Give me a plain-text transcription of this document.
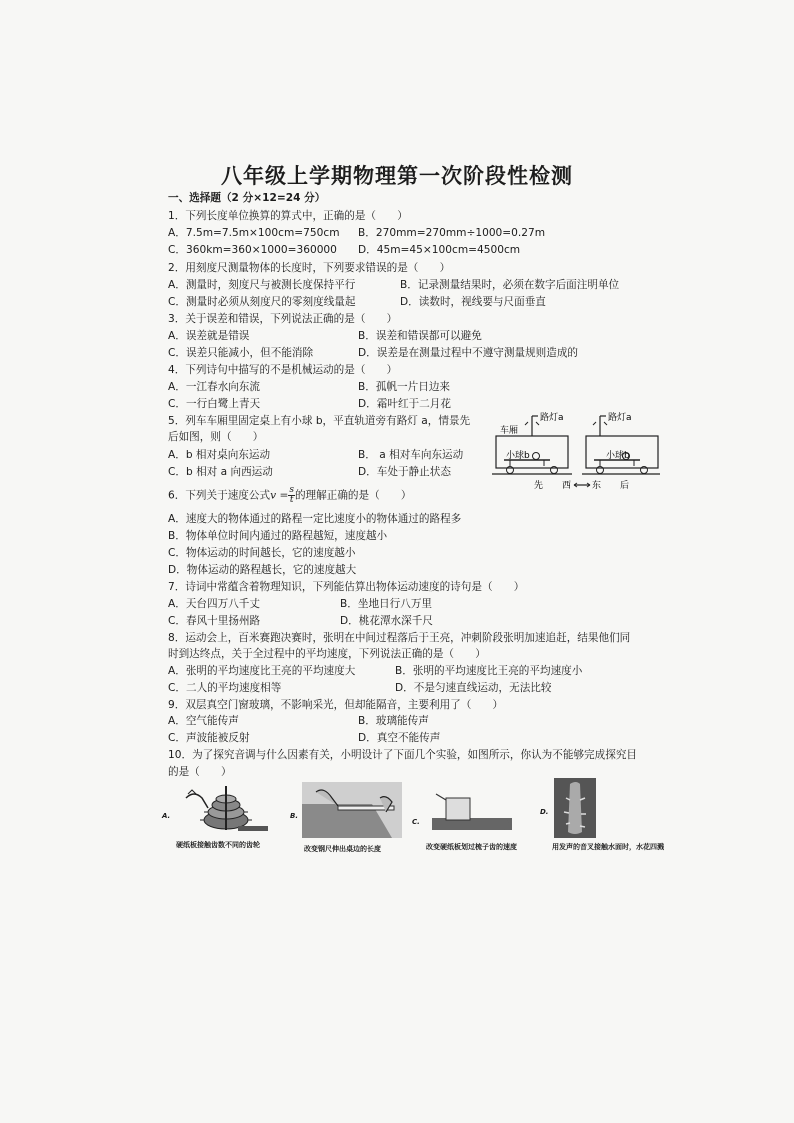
八年级上学期物理第一次阶段性检测
一、选择题（2 分×12=24 分）
1．下列长度单位换算的算式中，正确的是（　　）
A．7.5m=7.5m×100cm=750cm B．270mm=270mm÷1000=0.27m
C．360km=360×1000=360000 D．45m=45×100cm=4500cm
2．用刻度尺测量物体的长度时，下列要求错误的是（　　）
A．测量时，刻度尺与被测长度保持平行	B．记录测量结果时，必须在数字后面注明单位
C．测量时必须从刻度尺的零刻度线量起	D．读数时，视线要与尺面垂直
3．关于误差和错误，下列说法正确的是（　　）
A．误差就是错误	B．误差和错误都可以避免
C．误差只能减小，但不能消除	D．误差是在测量过程中不遵守测量规则造成的
4．下列诗句中描写的不是机械运动的是（　　）
A．一江春水向东流	B．孤帆一片日边来
C．一行白鹭上青天	D．霜叶红于二月花
5．列车车厢里固定桌上有小球 b，平直轨道旁有路灯 a，情景先
后如图，则（　　）
A．b 相对桌向东运动	B． a 相对车向东运动
C．b 相对 a 向西运动	D．车处于静止状态
车厢
路灯a
小球b
路灯a
小球b
先 西 东 后
6．下列关于速度公式$v = \frac{s}{t}$ 的理解正确的是（　　）
A．速度大的物体通过的路程一定比速度小的物体通过的路程多
B．物体单位时间内通过的路程越短，速度越小
C．物体运动的时间越长，它的速度越小
D．物体运动的路程越长，它的速度越大
7．诗词中常蕴含着物理知识，下列能估算出物体运动速度的诗句是（　　）
A．天台四万八千丈	B．坐地日行八万里
C．春风十里扬州路	D．桃花潭水深千尺
8．运动会上，百米赛跑决赛时，张明在中间过程落后于王亮，冲刺阶段张明加速追赶，结果他们同
时到达终点，关于全过程中的平均速度，下列说法正确的是（　　）
A．张明的平均速度比王亮的平均速度大	B．张明的平均速度比王亮的平均速度小
C．二人的平均速度相等	D．不是匀速直线运动，无法比较
9．双层真空门窗玻璃，不影响采光，但却能隔音，主要利用了（　　）
A．空气能传声	B．玻璃能传声
C．声波能被反射	D．真空不能传声
10．为了探究音调与什么因素有关，小明设计了下面几个实验，如图所示，你认为不能够完成探究目
的是（　　）
A.
硬纸板接触齿数不同的齿轮
B.
改变钢尺伸出桌边的长度
C.
改变硬纸板划过梳子齿的速度
D.
用发声的音叉接触水面时，水花四溅
